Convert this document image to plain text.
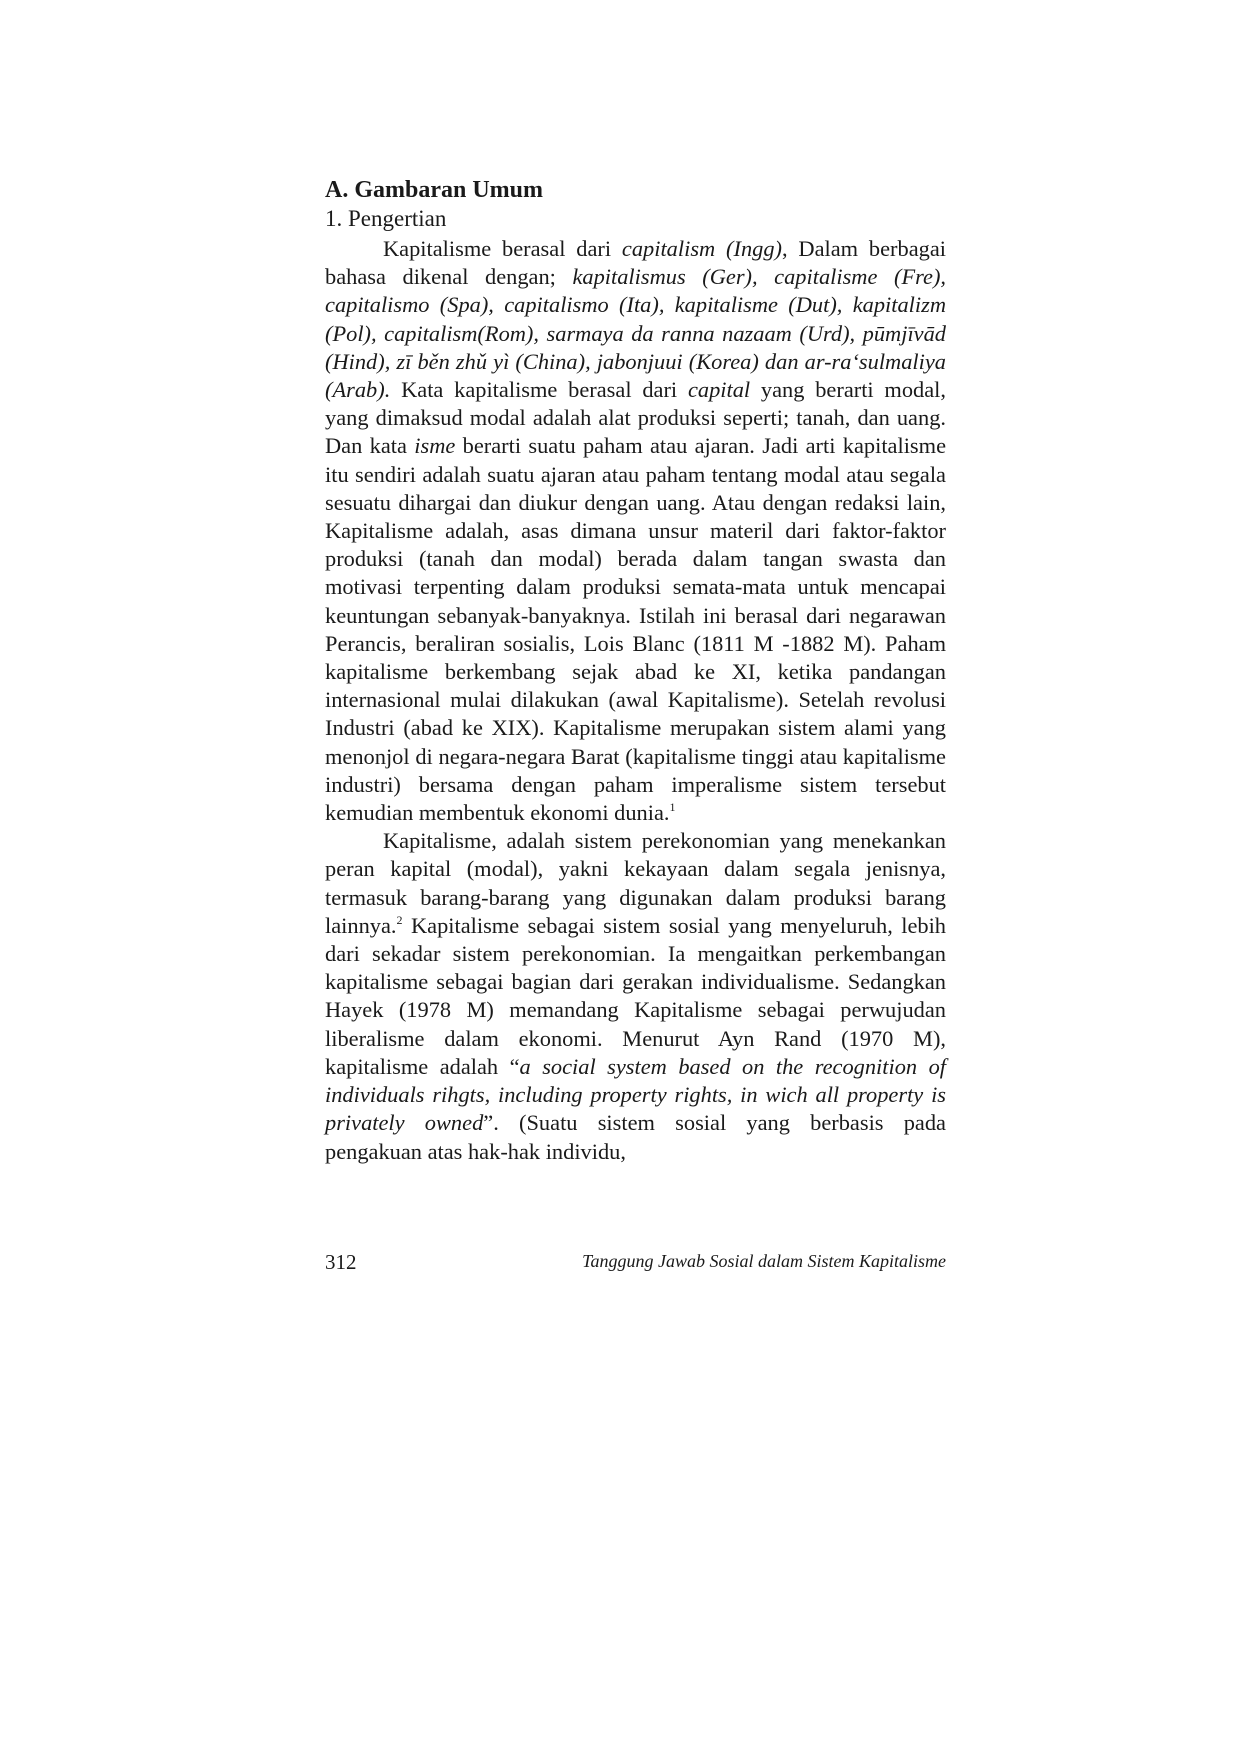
A. Gambaran Umum
1. Pengertian

Kapitalisme berasal dari capitalism (Ingg), Dalam berbagai bahasa dikenal dengan; kapitalismus (Ger), capitalisme (Fre), capitalismo (Spa), capitalismo (Ita), kapitalisme (Dut), kapitalizm (Pol), capitalism(Rom), sarmaya da ranna nazaam (Urd), pūmjīvād (Hind), zī běn zhǔ yì (China), jabonjuui (Korea) dan ar-ra‘sulmaliya (Arab). Kata kapitalisme berasal dari capital yang berarti modal, yang dimaksud modal adalah alat produksi seperti; tanah, dan uang. Dan kata isme berarti suatu paham atau ajaran. Jadi arti kapitalisme itu sendiri adalah suatu ajaran atau paham tentang modal atau segala sesuatu dihargai dan diukur dengan uang. Atau dengan redaksi lain, Kapitalisme adalah, asas dimana unsur materil dari faktor-faktor produksi (tanah dan modal) berada dalam tangan swasta dan motivasi terpenting dalam produksi semata-mata untuk mencapai keuntungan sebanyak-banyaknya. Istilah ini berasal dari negarawan Perancis, beraliran sosialis, Lois Blanc (1811 M -1882 M). Paham kapitalisme berkembang sejak abad ke XI, ketika pandangan internasional mulai dilakukan (awal Kapitalisme). Setelah revolusi Industri (abad ke XIX). Kapitalisme merupakan sistem alami yang menonjol di negara-negara Barat (kapitalisme tinggi atau kapitalisme industri) bersama dengan paham imperalisme sistem tersebut kemudian membentuk ekonomi dunia.$^1$

Kapitalisme, adalah sistem perekonomian yang menekankan peran kapital (modal), yakni kekayaan dalam segala jenisnya, termasuk barang-barang yang digunakan dalam produksi barang lainnya.$^2$ Kapitalisme sebagai sistem sosial yang menyeluruh, lebih dari sekadar sistem perekonomian. Ia mengaitkan perkembangan kapitalisme sebagai bagian dari gerakan individualisme. Sedangkan Hayek (1978 M) memandang Kapitalisme sebagai perwujudan liberalisme dalam ekonomi. Menurut Ayn Rand (1970 M), kapitalisme adalah “a social system based on the recognition of individuals rihgts, including property rights, in wich all property is privately owned”. (Suatu sistem sosial yang berbasis pada pengakuan atas hak-hak individu,

312	Tanggung Jawab Sosial dalam Sistem Kapitalisme
